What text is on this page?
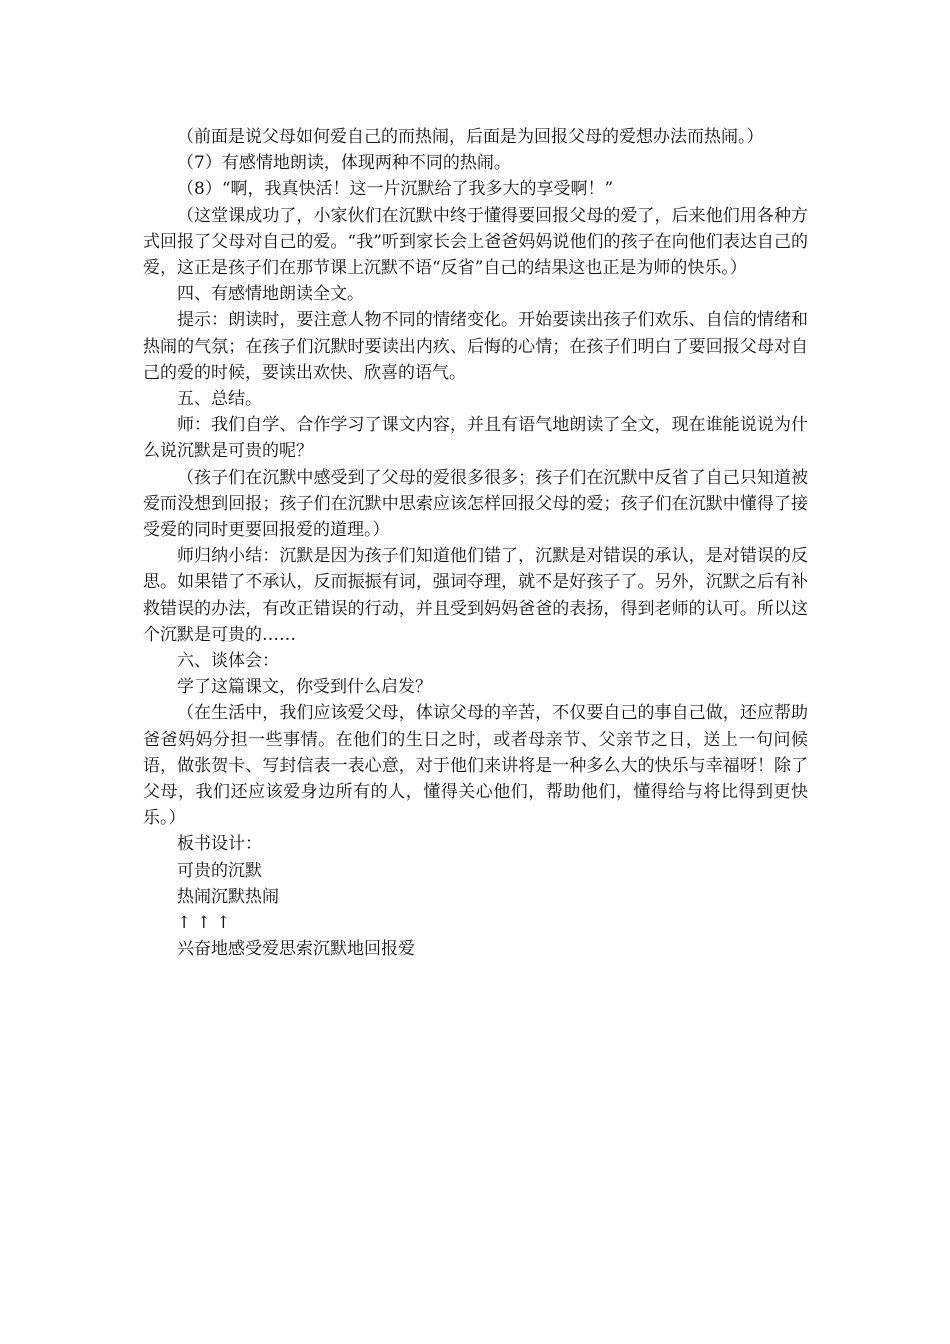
（前面是说父母如何爱自己的而热闹，后面是为回报父母的爱想办法而热闹。）

（7）有感情地朗读，体现两种不同的热闹。

（8）“啊，我真快活！这一片沉默给了我多大的享受啊！”

（这堂课成功了，小家伙们在沉默中终于懂得要回报父母的爱了，后来他们用各种方式回报了父母对自己的爱。“我”听到家长会上爸爸妈妈说他们的孩子在向他们表达自己的爱，这正是孩子们在那节课上沉默不语“反省”自己的结果这也正是为师的快乐。）

四、有感情地朗读全文。

提示：朗读时，要注意人物不同的情绪变化。开始要读出孩子们欢乐、自信的情绪和热闹的气氛；在孩子们沉默时要读出内疚、后悔的心情；在孩子们明白了要回报父母对自己的爱的时候，要读出欢快、欣喜的语气。

五、总结。

师：我们自学、合作学习了课文内容，并且有语气地朗读了全文，现在谁能说说为什么说沉默是可贵的呢？

（孩子们在沉默中感受到了父母的爱很多很多；孩子们在沉默中反省了自己只知道被爱而没想到回报；孩子们在沉默中思索应该怎样回报父母的爱；孩子们在沉默中懂得了接受爱的同时更要回报爱的道理。）

师归纳小结：沉默是因为孩子们知道他们错了，沉默是对错误的承认，是对错误的反思。如果错了不承认，反而振振有词，强词夺理，就不是好孩子了。另外，沉默之后有补救错误的办法，有改正错误的行动，并且受到妈妈爸爸的表扬，得到老师的认可。所以这个沉默是可贵的……

六、谈体会：

学了这篇课文，你受到什么启发？

（在生活中，我们应该爱父母，体谅父母的辛苦，不仅要自己的事自己做，还应帮助爸爸妈妈分担一些事情。在他们的生日之时，或者母亲节、父亲节之日，送上一句问候语，做张贺卡、写封信表一表心意，对于他们来讲将是一种多么大的快乐与幸福呀！除了父母，我们还应该爱身边所有的人，懂得关心他们，帮助他们，懂得给与将比得到更快乐。）

板书设计：

可贵的沉默

热闹沉默热闹

↑ ↑ ↑

兴奋地感受爱思索沉默地回报爱
